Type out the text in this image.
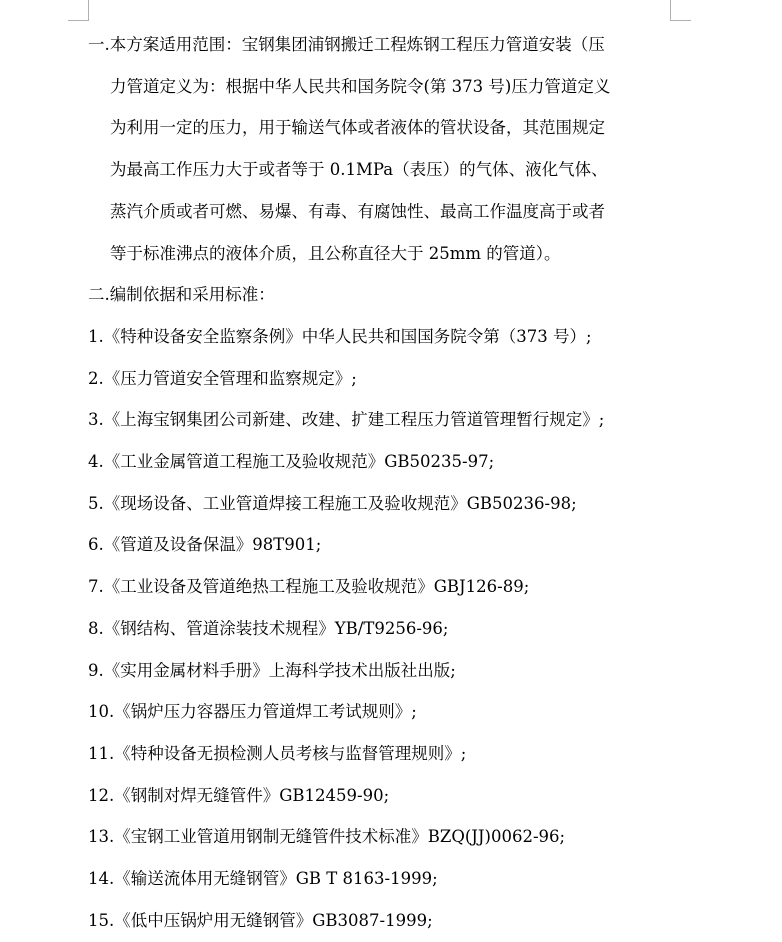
一.本方案适用范围：宝钢集团浦钢搬迁工程炼钢工程压力管道安装（压

力管道定义为：根据中华人民共和国务院令(第 373 号)压力管道定义

为利用一定的压力，用于输送气体或者液体的管状设备，其范围规定

为最高工作压力大于或者等于 0.1MPa（表压）的气体、液化气体、

蒸汽介质或者可燃、易爆、有毒、有腐蚀性、最高工作温度高于或者

等于标准沸点的液体介质，且公称直径大于 25mm 的管道）。

二.编制依据和采用标准：

1.《特种设备安全监察条例》中华人民共和国国务院令第（373 号）;

2.《压力管道安全管理和监察规定》;

3.《上海宝钢集团公司新建、改建、扩建工程压力管道管理暂行规定》;

4.《工业金属管道工程施工及验收规范》GB50235-97;

5.《现场设备、工业管道焊接工程施工及验收规范》GB50236-98;

6.《管道及设备保温》98T901;

7.《工业设备及管道绝热工程施工及验收规范》GBJ126-89;

8.《钢结构、管道涂装技术规程》YB/T9256-96;

9.《实用金属材料手册》上海科学技术出版社出版;

10.《锅炉压力容器压力管道焊工考试规则》;

11.《特种设备无损检测人员考核与监督管理规则》;

12.《钢制对焊无缝管件》GB12459-90;

13.《宝钢工业管道用钢制无缝管件技术标准》BZQ(JJ)0062-96;

14.《输送流体用无缝钢管》GB T 8163-1999;

15.《低中压锅炉用无缝钢管》GB3087-1999;
